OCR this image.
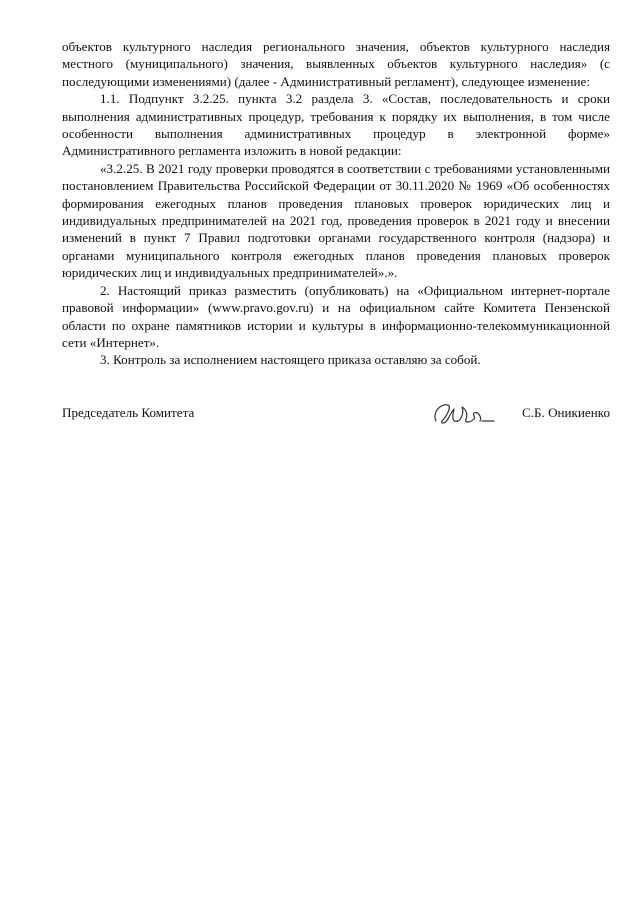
объектов культурного наследия регионального значения, объектов культурного наследия местного (муниципального) значения, выявленных объектов культурного наследия» (с последующими изменениями) (далее - Административный регламент), следующее изменение:

1.1. Подпункт 3.2.25. пункта 3.2 раздела 3. «Состав, последовательность и сроки выполнения административных процедур, требования к порядку их выполнения, в том числе особенности выполнения административных процедур в электронной форме» Административного регламента изложить в новой редакции:

«3.2.25. В 2021 году проверки проводятся в соответствии с требованиями установленными постановлением Правительства Российской Федерации от 30.11.2020 № 1969 «Об особенностях формирования ежегодных планов проведения плановых проверок юридических лиц и индивидуальных предпринимателей на 2021 год, проведения проверок в 2021 году и внесении изменений в пункт 7 Правил подготовки органами государственного контроля (надзора) и органами муниципального контроля ежегодных планов проведения плановых проверок юридических лиц и индивидуальных предпринимателей».».

2. Настоящий приказ разместить (опубликовать) на «Официальном интернет-портале правовой информации» (www.pravo.gov.ru) и на официальном сайте Комитета Пензенской области по охране памятников истории и культуры в информационно-телекоммуникационной сети «Интернет».

3. Контроль за исполнением настоящего приказа оставляю за собой.

Председатель Комитета	С.Б. Оникиенко
